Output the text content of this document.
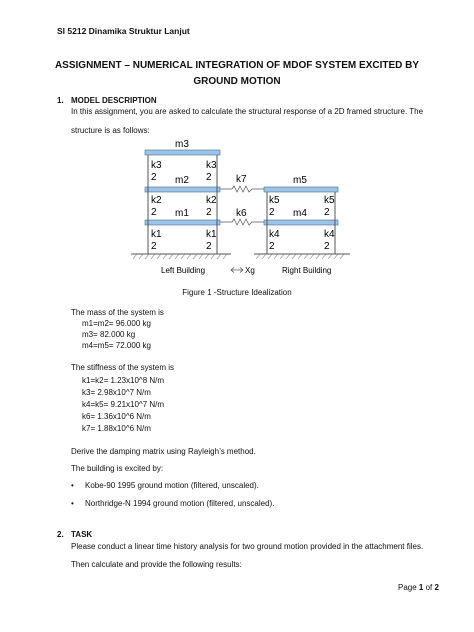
SI 5212 Dinamika Struktur Lanjut
ASSIGNMENT – NUMERICAL INTEGRATION OF MDOF SYSTEM EXCITED BY
GROUND MOTION
1. MODEL DESCRIPTION
In this assignment, you are asked to calculate the structural response of a 2D framed structure. The
structure is as follows:
m3
m2
m1
m5
m4
k3
2
k3
2
k2
2
k2
2
k1
2
k1
2
k5
2
k5
2
k4
2
k4
2
k7
k6
Left Building	Right Building
Xg
Figure 1 -Structure Idealization
The mass of the system is
m1=m2= 96.000 kg
m3= 82.000 kg
m4=m5= 72.000 kg
The stiffness of the system is
k1=k2= 1.23x10^8 N/m
k3= 2.98x10^7 N/m
k4=k5= 9.21x10^7 N/m
k6= 1.36x10^6 N/m
k7= 1.88x10^6 N/m
Derive the damping matrix using Rayleigh’s method.
The building is excited by:
• Kobe-90 1995 ground motion (filtered, unscaled).
• Northridge-N 1994 ground motion (filtered, unscaled).
2. TASK
Please conduct a linear time history analysis for two ground motion provided in the attachment files.
Then calculate and provide the following results:
Page 1 of 2
